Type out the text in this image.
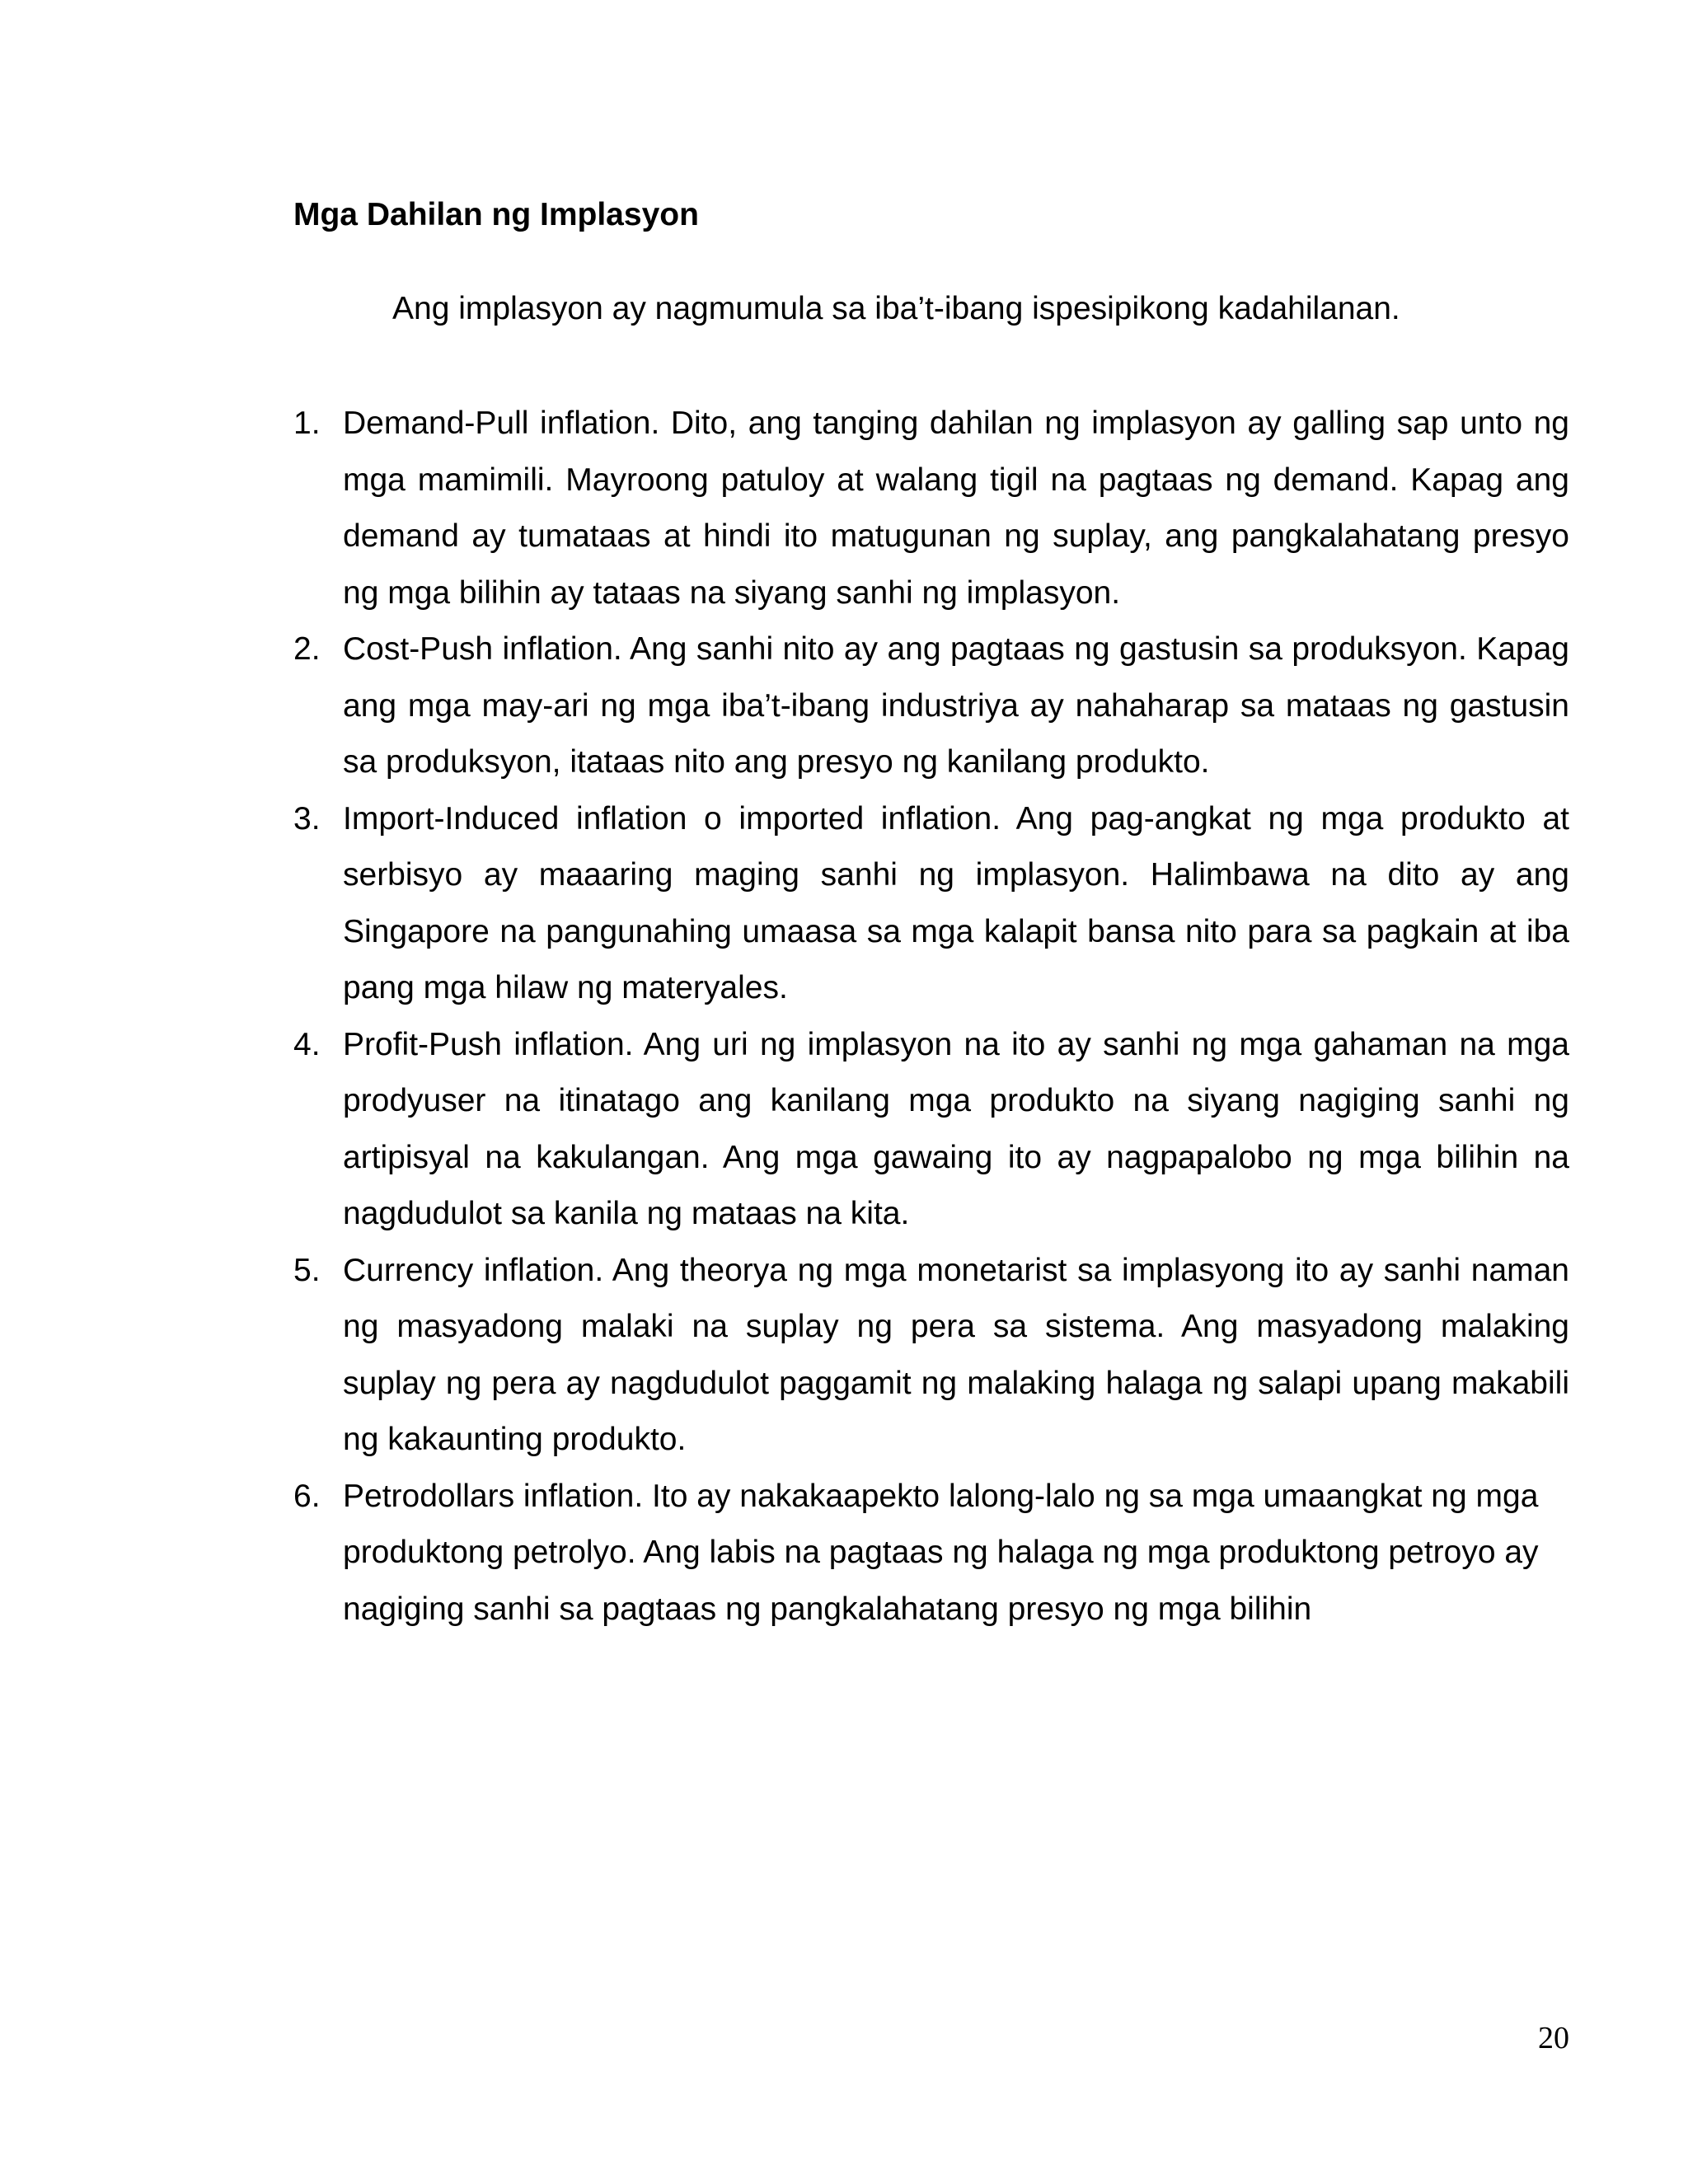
Mga Dahilan ng Implasyon

Ang implasyon ay nagmumula sa iba’t-ibang ispesipikong kadahilanan.

1. Demand-Pull inflation. Dito, ang tanging dahilan ng implasyon ay galling sap unto ng mga mamimili. Mayroong patuloy at walang tigil na pagtaas ng demand. Kapag ang demand ay tumataas at hindi ito matugunan ng suplay, ang pangkalahatang presyo ng mga bilihin ay tataas na siyang sanhi ng implasyon.
2. Cost-Push inflation. Ang sanhi nito ay ang pagtaas ng gastusin sa produksyon. Kapag ang mga may-ari ng mga iba’t-ibang industriya ay nahaharap sa mataas ng gastusin sa produksyon, itataas nito ang presyo ng kanilang produkto.
3. Import-Induced inflation o imported inflation. Ang pag-angkat ng mga produkto at serbisyo ay maaaring maging sanhi ng implasyon. Halimbawa na dito ay ang Singapore na pangunahing umaasa sa mga kalapit bansa nito para sa pagkain at iba pang mga hilaw ng materyales.
4. Profit-Push inflation. Ang uri ng implasyon na ito ay sanhi ng mga gahaman na mga prodyuser na itinatago ang kanilang mga produkto na siyang nagiging sanhi ng artipisyal na kakulangan. Ang mga gawaing ito ay nagpapalobo ng mga bilihin na nagdudulot sa kanila ng mataas na kita.
5. Currency inflation. Ang theorya ng mga monetarist sa implasyong ito ay sanhi naman ng masyadong malaki na suplay ng pera sa sistema. Ang masyadong malaking suplay ng pera ay nagdudulot paggamit ng malaking halaga ng salapi upang makabili ng kakaunting produkto.
6. Petrodollars inflation. Ito ay nakakaapekto lalong-lalo ng sa mga umaangkat ng mga produktong petrolyo. Ang labis na pagtaas ng halaga ng mga produktong petroyo ay nagiging sanhi sa pagtaas ng pangkalahatang presyo ng mga bilihin

20
